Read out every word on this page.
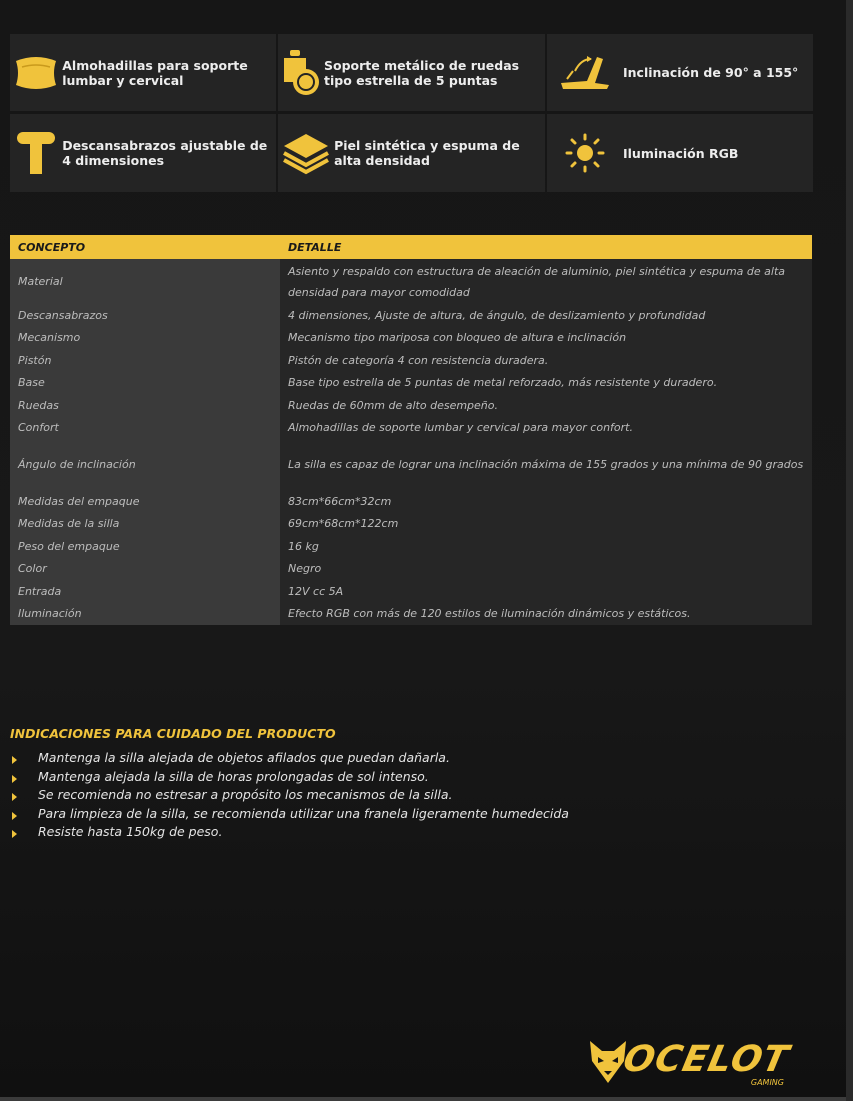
Almohadillas para soporte lumbar y cervical
Soporte metálico de ruedas tipo estrella de 5 puntas	Inclinación de 90° a 155°
Descansabrazos ajustable de 4 dimensiones
Piel sintética y espuma de alta densidad	Iluminación RGB
CONCEPTO	DETALLE
Material	Asiento y respaldo con estructura de aleación de aluminio, piel sintética y espuma de alta densidad para mayor comodidad
Descansabrazos	4 dimensiones, Ajuste de altura, de ángulo, de deslizamiento y profundidad
Mecanismo	Mecanismo tipo mariposa con bloqueo de altura e inclinación
Pistón	Pistón de categoría 4 con resistencia duradera.
Base	Base tipo estrella de 5 puntas de metal reforzado, más resistente y duradero.
Ruedas	Ruedas de 60mm de alto desempeño.
Confort	Almohadillas de soporte lumbar y cervical para mayor confort.
Ángulo de inclinación	La silla es capaz de lograr una inclinación máxima de 155 grados y una mínima de 90 grados
Medidas del empaque	83cm*66cm*32cm
Medidas de la silla	69cm*68cm*122cm
Peso del empaque	16 kg
Color	Negro
Entrada	12V cc 5A
Iluminación	Efecto RGB con más de 120 estilos de iluminación dinámicos y estáticos.
INDICACIONES PARA CUIDADO DEL PRODUCTO
Mantenga la silla alejada de objetos afilados que puedan dañarla.
Mantenga alejada la silla de horas prolongadas de sol intenso.
Se recomienda no estresar a propósito los mecanismos de la silla.
Para limpieza de la silla, se recomienda utilizar una franela ligeramente humedecida
Resiste hasta 150kg de peso.
OCELOT
GAMING
